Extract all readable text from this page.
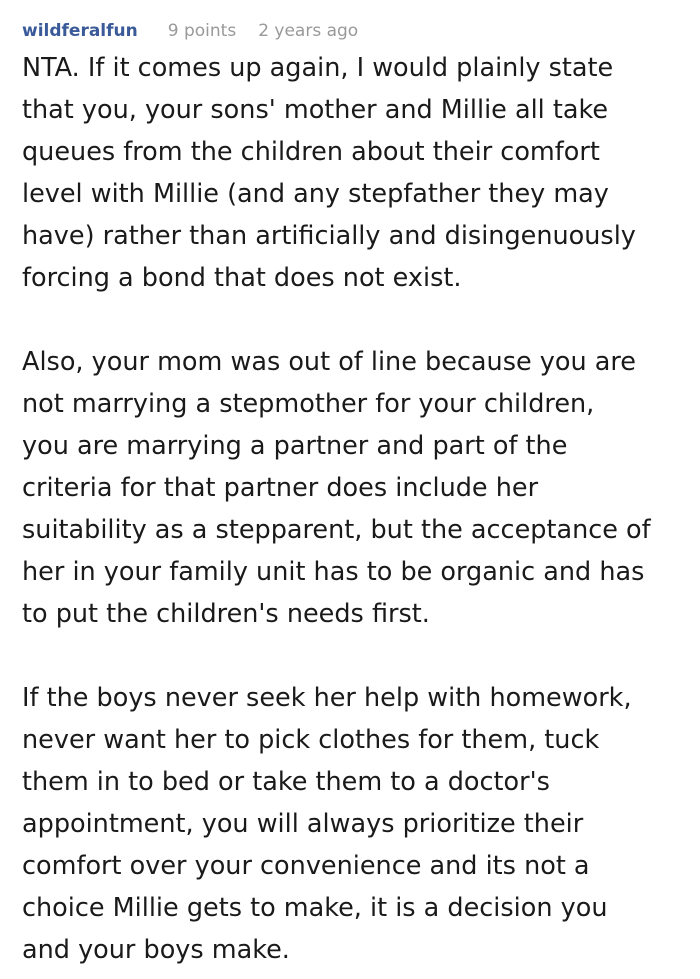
wildferalfun 9 points 2 years ago

NTA. If it comes up again, I would plainly state
that you, your sons' mother and Millie all take
queues from the children about their comfort
level with Millie (and any stepfather they may
have) rather than artificially and disingenuously
forcing a bond that does not exist.

Also, your mom was out of line because you are
not marrying a stepmother for your children,
you are marrying a partner and part of the
criteria for that partner does include her
suitability as a stepparent, but the acceptance of
her in your family unit has to be organic and has
to put the children's needs first.

If the boys never seek her help with homework,
never want her to pick clothes for them, tuck
them in to bed or take them to a doctor's
appointment, you will always prioritize their
comfort over your convenience and its not a
choice Millie gets to make, it is a decision you
and your boys make.
